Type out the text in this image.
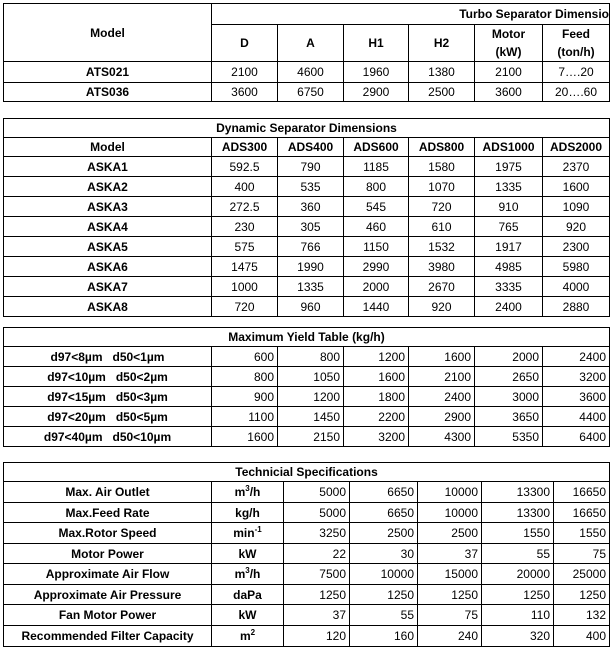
Model	Turbo Separator Dimensio					
	D	A	H1	H2	Motor	Feed
					(kW)	(ton/h)
ATS021	2100	4600	1960	1380	2100	7….20
ATS036	3600	6750	2900	2500	3600	20….60
Dynamic Separator Dimensions						
Model	ADS300	ADS400	ADS600	ADS800	ADS1000	ADS2000
ASKA1	592.5	790	1185	1580	1975	2370
ASKA2	400	535	800	1070	1335	1600
ASKA3	272.5	360	545	720	910	1090
ASKA4	230	305	460	610	765	920
ASKA5	575	766	1150	1532	1917	2300
ASKA6	1475	1990	2990	3980	4985	5980
ASKA7	1000	1335	2000	2670	3335	4000
ASKA8	720	960	1440	920	2400	2880
Maximum Yield Table (kg/h)						
d97<8µm   d50<1µm	600	800	1200	1600	2000	2400
d97<10µm   d50<2µm	800	1050	1600	2100	2650	3200
d97<15µm   d50<3µm	900	1200	1800	2400	3000	3600
d97<20µm   d50<5µm	1100	1450	2200	2900	3650	4400
d97<40µm   d50<10µm	1600	2150	3200	4300	5350	6400
Technicial Specifications						
Max. Air Outlet	$m^3/h$	5000	6650	10000	13300	16650
Max.Feed Rate	kg/h	5000	6650	10000	13300	16650
Max.Rotor Speed	$\min^{-1}$	3250	2500	2500	1550	1550
Motor Power	kW	22	30	37	55	75
Approximate Air Flow	$m^3/h$	7500	10000	15000	20000	25000
Approximate Air Pressure	daPa	1250	1250	1250	1250	1250
Fan Motor Power	kW	37	55	75	110	132
Recommended Filter Capacity	$m^2$	120	160	240	320	400
